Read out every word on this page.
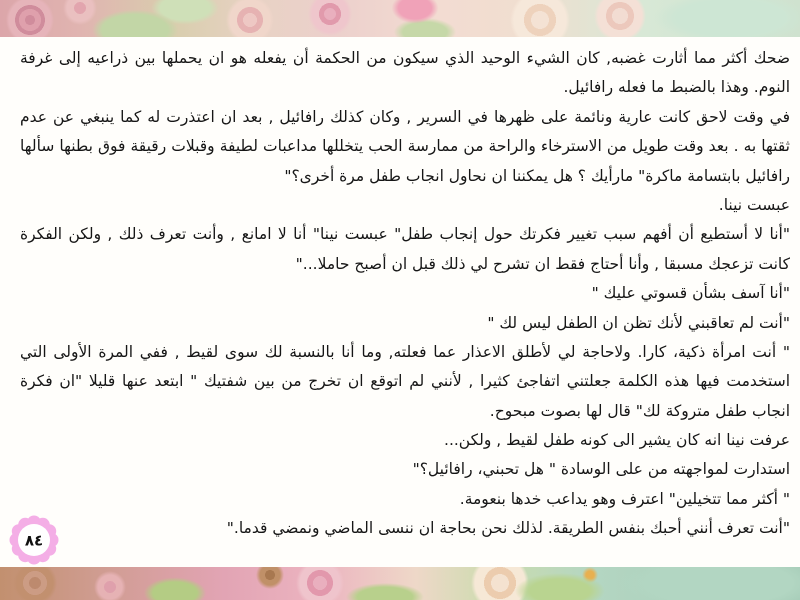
ضحك أكثر مما أثارت غضبه, كان الشيء الوحيد الذي سيكون من الحكمة أن يفعله هو ان يحملها بين ذراعيه إلى غرفة
النوم. وهذا بالضبط ما فعله رافائيل.
في وقت لاحق كانت عارية ونائمة على ظهرها في السرير , وكان كذلك رافائيل , بعد ان اعتذرت له كما ينبغي عن عدم
ثقتها به . بعد وقت طويل من الاسترخاء والراحة من ممارسة الحب يتخللها مداعبات لطيفة وقبلات رقيقة فوق بطنها سألها
رافائيل بابتسامة ماكرة" مارأيك ؟ هل يمكننا ان نحاول انجاب طفل مرة أخرى؟"
عبست نينا.
"أنا لا أستطيع أن أفهم سبب تغيير فكرتك حول إنجاب طفل" عبست نينا" أنا لا امانع , وأنت تعرف ذلك , ولكن الفكرة
كانت تزعجك مسبقا , وأنا أحتاج فقط ان تشرح لي ذلك قبل ان أصبح حاملا..."
"أنا آسف بشأن قسوتي عليك "
"أنت لم تعاقبني لأنك تظن ان الطفل ليس لك "
" أنت امرأة ذكية، كارا. ولاحاجة لي لأطلق الاعذار عما فعلته, وما أنا بالنسبة لك سوى لقيط , ففي المرة الأولى التي
استخدمت فيها هذه الكلمة جعلتني اتفاجئ كثيرا , لأنني لم اتوقع ان تخرج من بين شفتيك " ابتعد عنها قليلا "ان فكرة
انجاب طفل متروكة لك" قال لها بصوت مبحوح.
عرفت نينا انه كان يشير الى كونه طفل لقيط , ولكن...
استدارت لمواجهته من على الوسادة " هل تحبني، رافائيل؟"
" أكثر مما تتخيلين" اعترف وهو يداعب خدها بنعومة.
"أنت تعرف أنني أحبك بنفس الطريقة. لذلك نحن بحاجة ان ننسى الماضي ونمضي قدما."
٨٤
